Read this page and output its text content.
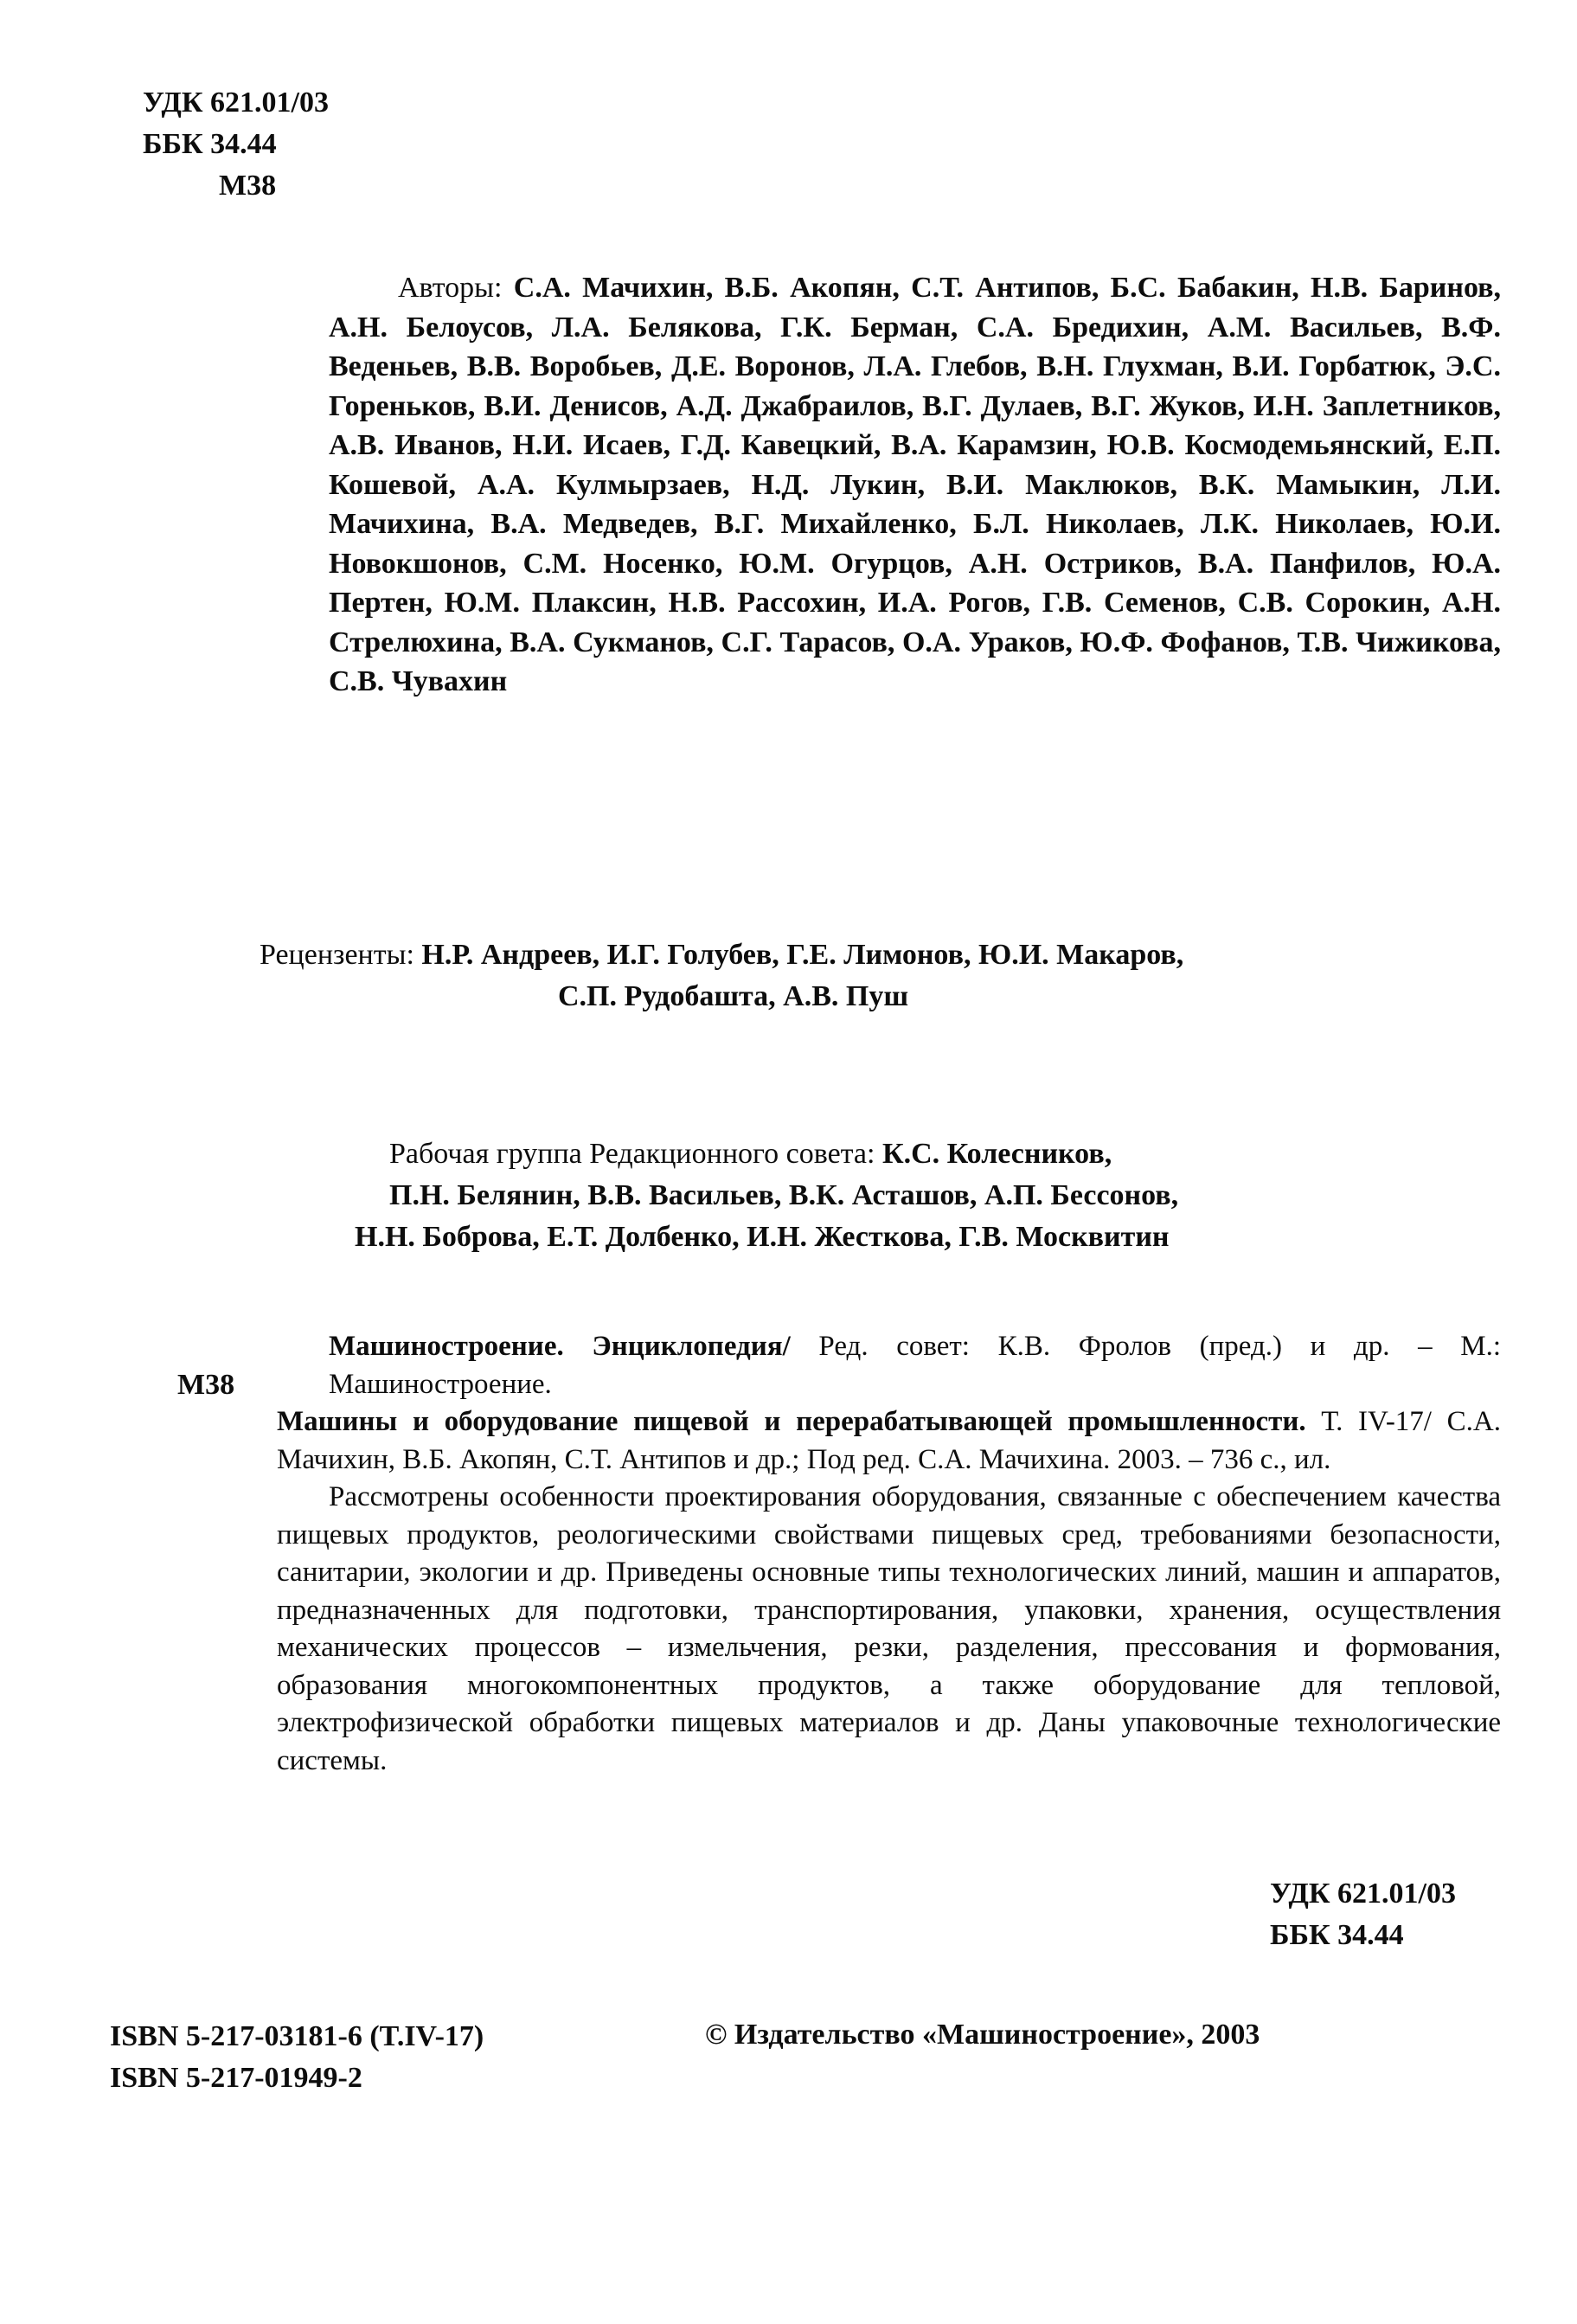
УДК 621.01/03
ББК 34.44
М38
Авторы: С.А. Мачихин, В.Б. Акопян, С.Т. Антипов, Б.С. Бабакин, Н.В. Баринов, А.Н. Белоусов, Л.А. Белякова, Г.К. Берман, С.А. Бредихин, А.М. Васильев, В.Ф. Веденьев, В.В. Воробьев, Д.Е. Воронов, Л.А. Глебов, В.Н. Глухман, В.И. Горбатюк, Э.С. Гореньков, В.И. Денисов, А.Д. Джабраилов, В.Г. Дулаев, В.Г. Жуков, И.Н. Заплетников, А.В. Иванов, Н.И. Исаев, Г.Д. Кавецкий, В.А. Карамзин, Ю.В. Космодемьянский, Е.П. Кошевой, А.А. Кулмырзаев, Н.Д. Лукин, В.И. Маклюков, В.К. Мамыкин, Л.И. Мачихина, В.А. Медведев, В.Г. Михайленко, Б.Л. Николаев, Л.К. Николаев, Ю.И. Новокшонов, С.М. Носенко, Ю.М. Огурцов, А.Н. Остриков, В.А. Панфилов, Ю.А. Пертен, Ю.М. Плаксин, Н.В. Рассохин, И.А. Рогов, Г.В. Семенов, С.В. Сорокин, А.Н. Стрелюхина, В.А. Сукманов, С.Г. Тарасов, О.А. Ураков, Ю.Ф. Фофанов, Т.В. Чижикова, С.В. Чувахин
Рецензенты: Н.Р. Андреев, И.Г. Голубев, Г.Е. Лимонов, Ю.И. Макаров,
С.П. Рудобашта, А.В. Пуш
Рабочая группа Редакционного совета: К.С. Колесников,
П.Н. Белянин, В.В. Васильев, В.К. Асташов, А.П. Бессонов,
Н.Н. Боброва, Е.Т. Долбенко, И.Н. Жесткова, Г.В. Москвитин
М38

Машиностроение. Энциклопедия/ Ред. совет: К.В. Фролов (пред.) и др. – М.: Машиностроение.

Машины и оборудование пищевой и перерабатывающей промышленности. Т. IV-17/ С.А. Мачихин, В.Б. Акопян, С.Т. Антипов и др.; Под ред. С.А. Мачихина. 2003. – 736 с., ил.

Рассмотрены особенности проектирования оборудования, связанные с обеспечением качества пищевых продуктов, реологическими свойствами пищевых сред, требованиями безопасности, санитарии, экологии и др. Приведены основные типы технологических линий, машин и аппаратов, предназначенных для подготовки, транспортирования, упаковки, хранения, осуществления механических процессов – измельчения, резки, разделения, прессования и формования, образования многокомпонентных продуктов, а также оборудование для тепловой, электрофизической обработки пищевых материалов и др. Даны упаковочные технологические системы.

УДК 621.01/03
ББК 34.44
ISBN 5-217-03181-6 (T.IV-17)
ISBN 5-217-01949-2
© Издательство «Машиностроение», 2003
